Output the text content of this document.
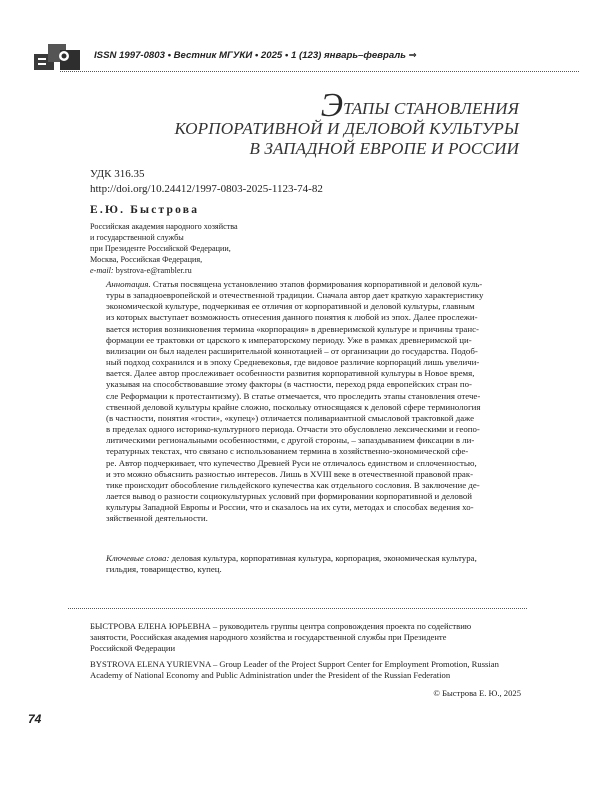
ISSN 1997-0803 • Вестник МГУКИ • 2025 • 1 (123) январь–февраль ⇒
ЭТАПЫ СТАНОВЛЕНИЯ
КОРПОРАТИВНОЙ И ДЕЛОВОЙ КУЛЬТУРЫ
В ЗАПАДНОЙ ЕВРОПЕ И РОССИИ
УДК 316.35
http://doi.org/10.24412/1997-0803-2025-1123-74-82
Е.Ю. Быстрова
Российская академия народного хозяйства
и государственной службы
при Президенте Российской Федерации,
Москва, Российская Федерация,
e-mail: bystrova-e@rambler.ru
Аннотация. Статья посвящена установлению этапов формирования корпоративной и деловой куль-
туры в западноевропейской и отечественной традиции. Сначала автор дает краткую характеристику
экономической культуре, подчеркивая ее отличия от корпоративной и деловой культуры, главным
из которых выступает возможность отнесения данного понятия к любой из эпох. Далее прослежи-
вается история возникновения термина «корпорация» в древнеримской культуре и причины транс-
формации ее трактовки от царского к императорскому периоду. Уже в рамках древнеримской ци-
вилизации он был наделен расширительной коннотацией – от организации до государства. Подоб-
ный подход сохранился и в эпоху Средневековья, где видовое различие корпораций лишь увеличи-
вается. Далее автор прослеживает особенности развития корпоративной культуры в Новое время,
указывая на способствовавшие этому факторы (в частности, переход ряда европейских стран по-
сле Реформации к протестантизму). В статье отмечается, что проследить этапы становления отече-
ственной деловой культуры крайне сложно, поскольку относящаяся к деловой сфере терминология
(в частности, понятия «гости», «купец») отличается поливариантной смысловой трактовкой даже
в пределах одного историко-культурного периода. Отчасти это обусловлено лексическими и геопо-
литическими региональными особенностями, с другой стороны, – запаздыванием фиксации в ли-
тературных текстах, что связано с использованием термина в хозяйственно-экономической сфе-
ре. Автор подчеркивает, что купечество Древней Руси не отличалось единством и сплоченностью,
и это можно объяснить разностью интересов. Лишь в XVIII веке в отечественной правовой прак-
тике происходит обособление гильдейского купечества как отдельного сословия. В заключение де-
лается вывод о разности социокультурных условий при формировании корпоративной и деловой
культуры Западной Европы и России, что и сказалось на их сути, методах и способах ведения хо-
зяйственной деятельности.
Ключевые слова: деловая культура, корпоративная культура, корпорация, экономическая культура,
гильдия, товарищество, купец.
БЫСТРОВА ЕЛЕНА ЮРЬЕВНА – руководитель группы центра сопровождения проекта по содействию
занятости, Российская академия народного хозяйства и государственной службы при Президенте
Российской Федерации
BYSTROVA ELENA YURIEVNA – Group Leader of the Project Support Center for Employment Promotion, Russian
Academy of National Economy and Public Administration under the President of the Russian Federation
© Быстрова Е. Ю., 2025
74
